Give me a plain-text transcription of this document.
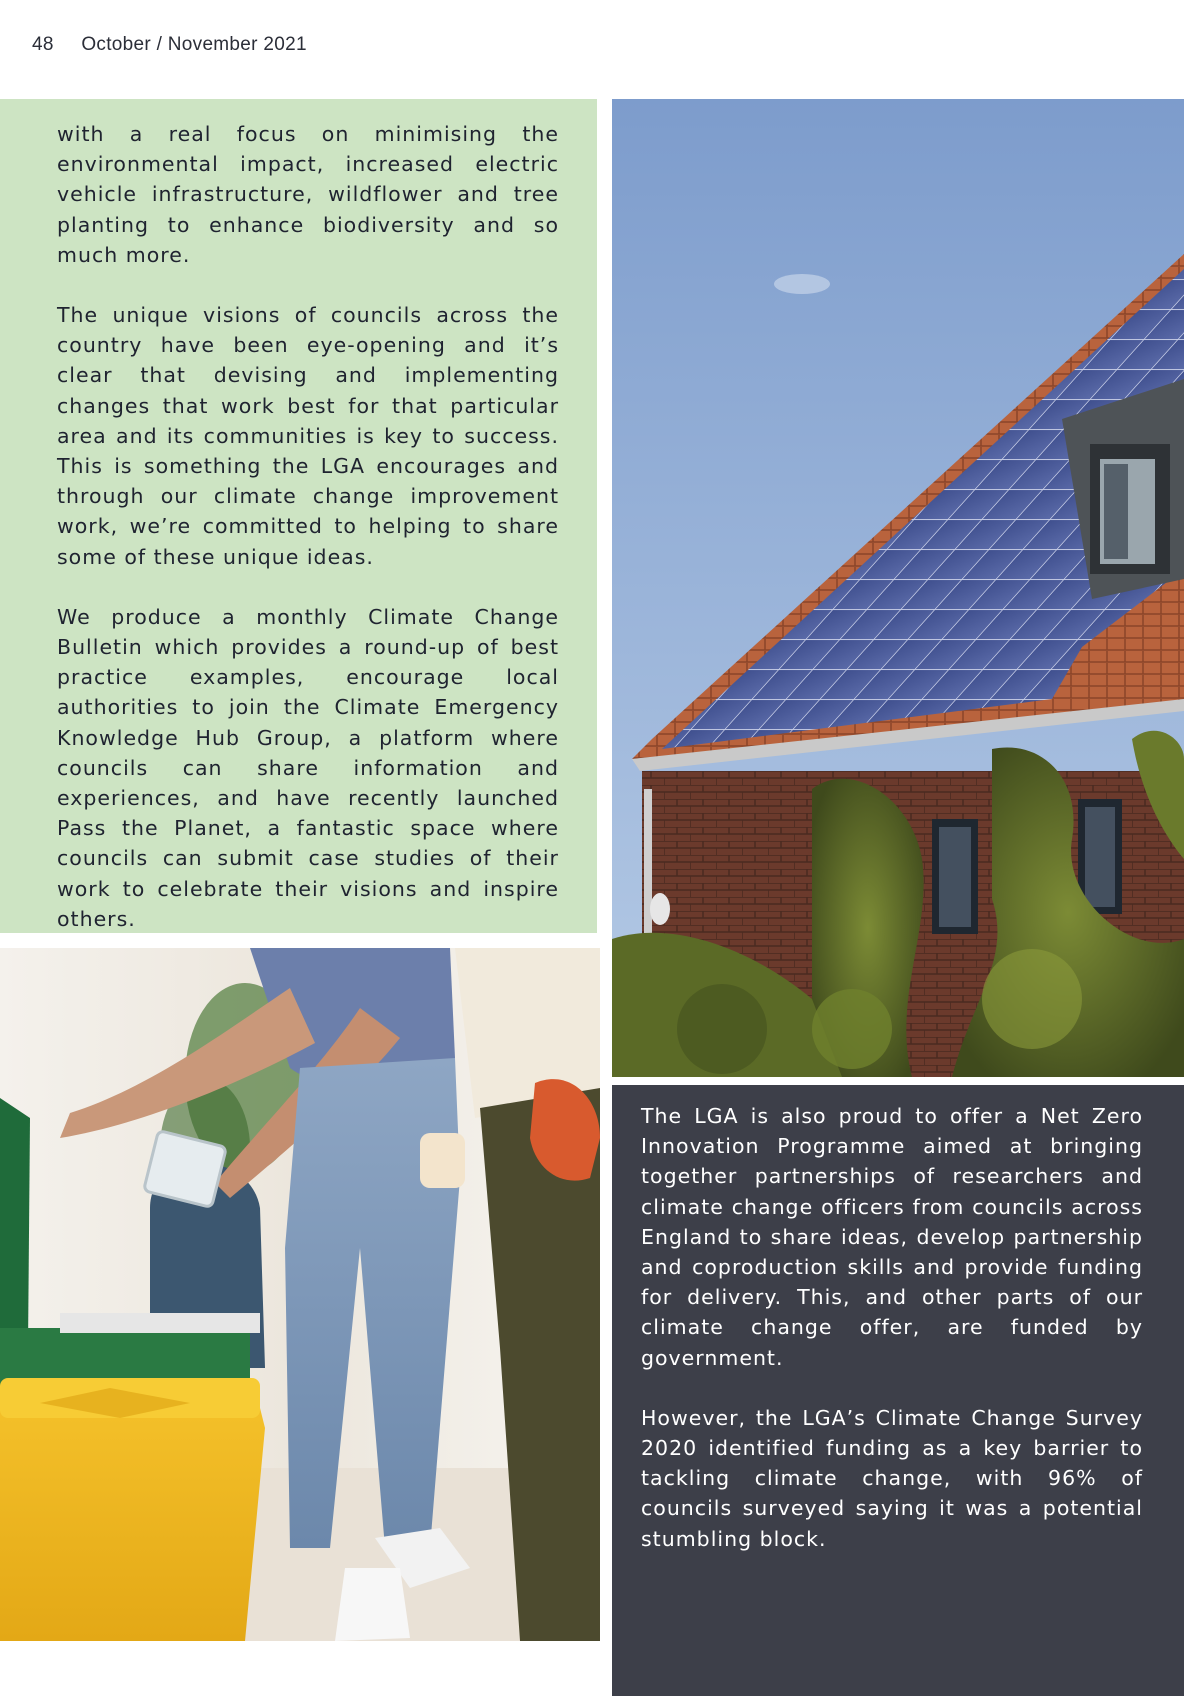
48 October / November 2021

with a real focus on minimising the environmental impact, increased electric vehicle infrastructure, wildflower and tree planting to enhance biodiversity and so much more.

The unique visions of councils across the country have been eye-opening and it’s clear that devising and implementing changes that work best for that particular area and its communities is key to success. This is something the LGA encourages and through our climate change improvement work, we’re committed to helping to share some of these unique ideas.

We produce a monthly Climate Change Bulletin which provides a round-up of best practice examples, encourage local authorities to join the Climate Emergency Knowledge Hub Group, a platform where councils can share information and experiences, and have recently launched Pass the Planet, a fantastic space where councils can submit case studies of their work to celebrate their visions and inspire others.

The LGA is also proud to offer a Net Zero Innovation Programme aimed at bringing together partnerships of researchers and climate change officers from councils across England to share ideas, develop partnership and coproduction skills and provide funding for delivery. This, and other parts of our climate change offer, are funded by government.

However, the LGA’s Climate Change Survey 2020 identified funding as a key barrier to tackling climate change, with 96% of councils surveyed saying it was a potential stumbling block.
